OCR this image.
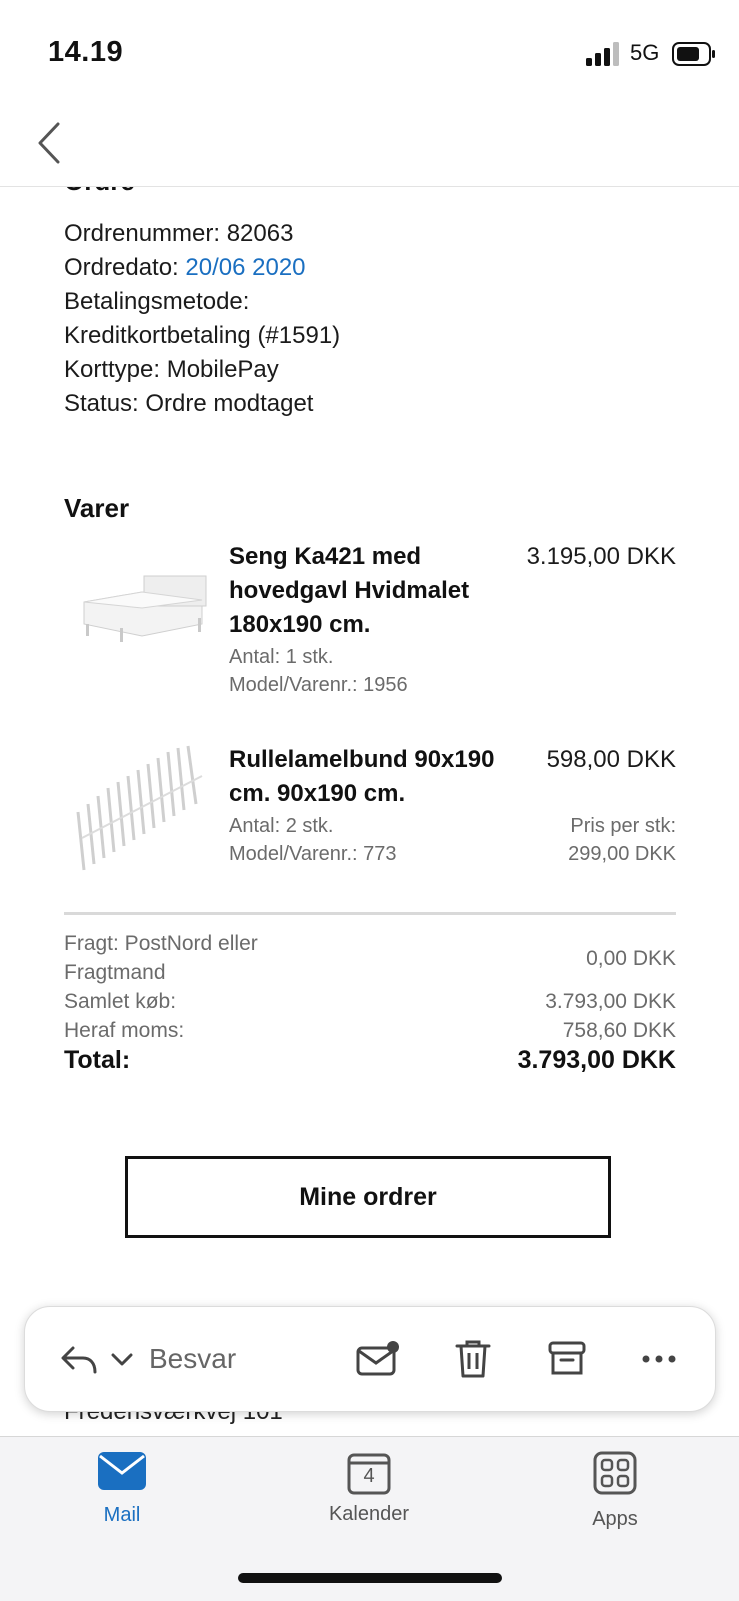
14.19	5G
Ordrenummer: 82063
Ordredato: 20/06 2020
Betalingsmetode:
Kreditkortbetaling (#1591)
Korttype: MobilePay
Status: Ordre modtaget
Varer
Seng Ka421 med
hovedgavl Hvidmalet
180x190 cm.
3.195,00 DKK
Antal: 1 stk.
Model/Varenr.: 1956
Rullelamelbund 90x190
cm. 90x190 cm.
598,00 DKK
Antal: 2 stk.
Model/Varenr.: 773
Pris per stk:
299,00 DKK
Fragt: PostNord eller
Fragtmand
0,00 DKK
Samlet køb:	3.793,00 DKK
Heraf moms:	758,60 DKK
Total:	3.793,00 DKK
Mine ordrer
Besvar
Mail
4
Kalender	Apps
